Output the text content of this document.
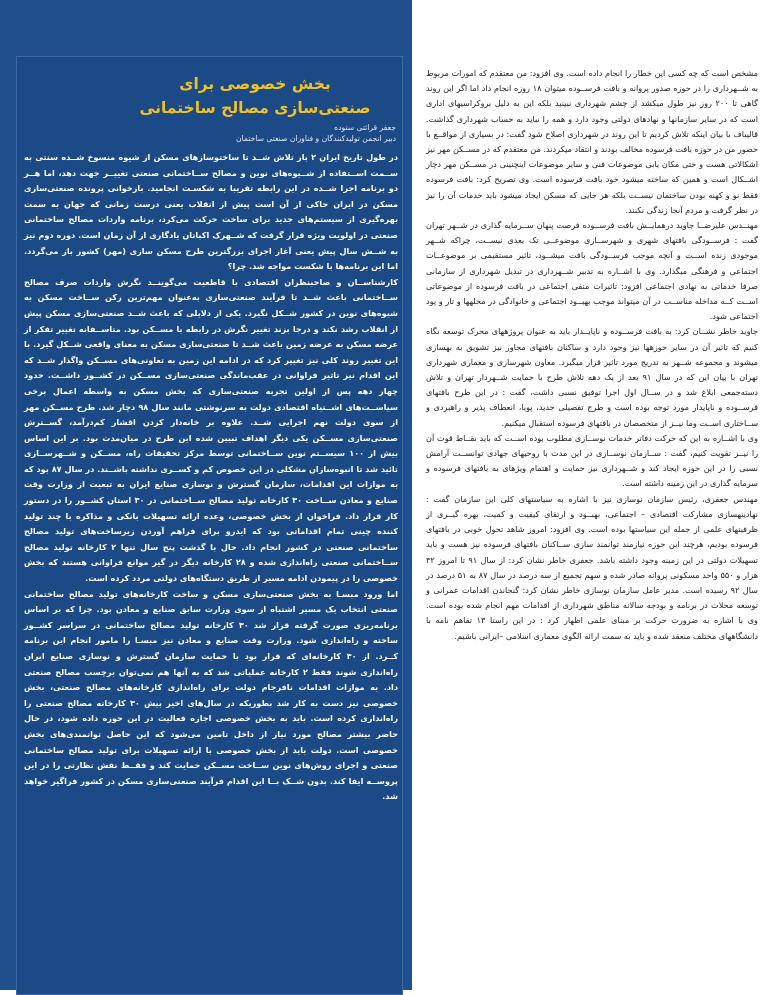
بخش خصوصی برای
صنعتی‌سازی مصالح ساختمانی
جعفر قرائتی ستوده
دبیر انجمن تولیدکنندگان و فناوران صنعتی ساختمان

در طول تاریخ ایران ۲ بار تلاش شــد تا ساختوسازهای مسکن از شیوه منسوخ شــده سنتی به ســمت اســتفاده از شــیوه‌های نوین و مصالح ســاختمانی صنعتی تغییــر جهت دهد، اما هــر دو برنامه اجرا شــده در این رابطه تقریبا به شکسـت انجامید. بازخوانی پرونده صنعتی‌سازی مسکن در ایران حاکی از آن است پیش از انقلاب یعنی درست زمانی که جهان به سمت بهره‌گیری از سیستم‌های جدید برای ساخت حرکت می‌کرد، برنامه واردات مصالح ساختمانی صنعتی در اولویت ویژه قرار گرفت که شــهرک اکباتان یادگاری از آن زمان است. دوره دوم نیز به شــش سال پیش یعنی آغاز اجرای بزرگترین طرح مسکن سازی (مهر) کشور باز می‌گردد. اما این برنامه‌ها با شکست مواجه شد. چرا؟

کارشناســان و صاحبنظران اقتصادی با قاطعیت می‌گوینــد نگرش واردات صرف مصالح ســاختمانی باعث شــد تا فرآیند صنعتی‌سازی به‌عنوان مهم‌ترین رکن ســاخت مسکن به شیوه‌های نوین در کشور شــکل نگیرد. یکی از دلایلی که باعث شــد صنعتی‌سازی مسکن پیش از انقلاب رشد نکند و درجا بزند تغییر نگرش در رابطه با مســکن بود. متاســفانه تغییر تفکر از عرضه مسکن به عرضه زمین باعث شــد تا صنعتی‌سازی مسکن به معنای واقعی شــکل گیرد. با این تغییر روند کلی نیز تغییر کرد که در ادامه این زمین به تعاونی‌های مســکن واگذار شــد که این اقدام نیز تاثیر فراوانی در عقب‌ماندگی صنعتی‌سازی مســکن در کشــور داشــت. حدود چهار دهه پس از اولین تجربه صنعتی‌سازی که بخش مسکن به واسطه اعمال برخی سیاســت‌های اشــتباه اقتصادی دولت به سرنوشتی مانند سال ۹۸ دچار شد. طرح مســکن مهر از سوی دولت نهم اجرایی شــد. علاوه بر خانه‌دار کردن اقشار کم‌درآمد، گســترش صنعتی‌سازی مســکن یکی دیگر اهداف تبیین شده این طرح در میان‌مدت بود. بر این اساس بیش از ۱۰۰ سیســتم نوین ســاختمانی توسط مرکز تحقیقات راه، مســکن و شــهرســازی تائید شد تا انبوه‌سازان مشکلی در این خصوص کم و کســری نداشته باشــند. در سال ۸۷ بود که به موازات این اقدامات، سازمان گسترش و نوسازی صنایع ایران به تبعیت از وزارت وقت صنایع و معادن ســاخت ۳۰ کارخانه تولید مصالح ســاختمانی در ۳۰ استان کشــور را در دستور کار قرار داد. فراخوان از بخش خصوصی، وعده ارائه تسهیلات بانکی و مذاکره با چند تولید کننده چینی تمام اقداماتی بود که ایدرو برای فراهم آوردن زیرساخت‌های تولید مصالح ساختمانی صنعتی در کشور انجام داد. حال با گذشت پنج سال تنها ۲ کارخانه تولید مصالح ســاختمانی صنعتی راه‌اندازی شده و ۲۸ کارخانه دیگر در گیر موانع فراوانی هستند که بخش خصوصی را در پیمودن ادامه مسیر از طریق دستگاه‌های دولتی مردد کرده است.

اما ورود مبسـا به بخش صنعتی‌سازی مسکن و ساخت کارخانه‌های تولید مصالح ساختمانی صنعتی انتخاب یک مسیر اشتباه از سوی وزارت سابق صنایع و معادن بود. چرا که بر اساس برنامه‌ریزی صورت گرفته قرار شد ۳۰ کارخانه تولید مصالح ساختمانی در سراسر کشــور ساخته و راه‌اندازی شود. وزارت وقت صنایع و معادن نیز مبسـا را مامور انجام این برنامه کــرد. از ۳۰ کارخانه‌ای که قرار بود با حمایت سازمان گسترش و نوسازی صنایع ایران راه‌اندازی شوند فقط ۲ کارخانه عملیاتی شد که به آنها هم نمی‌توان برچسب مصالح صنعتی داد. به موازات اقدامات نافرجام دولت برای راه‌اندازی کارخانه‌های مصالح صنعتی، بخش خصوصی نیز دست به کار شد بطوریکه در سال‌های اخیر بیش ۳۰ کارخانه مصالح صنعتی را راه‌اندازی کرده است. باید به بخش خصوصی اجازه فعالیت در این حوزه داده شود، در حال حاضر بیشتر مصالح مورد نیاز از داخل تامین می‌شود که این حاصل توانمندی‌های بخش خصوصی است. دولت باید از بخش خصوصی با ارائه تسهیلات برای تولید مصالح ساختمانی صنعتی و اجرای روش‌های نوین ســاخت مســکن حمایت کند و فقــط نقش نظارتی را در این پروســه ایفا کند. بدون شــک بــا این اقدام فرآیند صنعتی‌سازی مسکن در کشور فراگیر خواهد شد.

مشخص است که چه کسی این خطار را انجام داده است. وی افزود: من معتقدم که امورات مربوط به شــهرداری را در حوزه صدور پروانه و بافت فرســوده میتوان ۱۸ روزه انجام داد اما اگر این روند گاهی تا ۲۰۰ روز نیز طول میکشد از چشم شهرداری نبینید بلکه این به دلیل بروکراسیهای اداری است که در سایر سازمانها و نهادهای دولتی وجود دارد و همه را نباید به حساب شهرداری گذاشت. قالیباف با بیان اینکه تلاش کردیم تا این روند در شهرداری اصلاح شود گفت: در بسیاری از مواقــع با حضور من در حوزه بافت فرسوده مخالف بودند و انتقاد میکردند. من معتقدم که در مســکن مهر نیز اشکالاتی هست و حتی مکان یابی موضوعات فنی و سایر موضوعات اینچنینی در مســکن مهر دچار اشــکال است و همین که ساخته میشود خود بافت فرسوده است. وی تصریح کرد: بافت فرسوده فقط نو و کهنه بودن ساختمان نیســت بلکه هر جایی که مسکن ایجاد میشود باید خدمات آن را نیز در نظر گرفت و مردم آنجا زندگی نکنند.

مهنــدس علیرضــا جاوید درهمایــش بافت فرســوده فرصت پنهان ســرمایه گذاری در شــهر تهران گفت : فرســودگی بافتهای شهری و شهرســازی موضوعــی تک بعدی نیســت، چراکه شــهر موجودی زنده اســت و آنچه موجب فرســودگی بافت میشــود، تاثیر مستقیمی بر موضوعــات اجتماعی و فرهنگی میگذارد. وی با اشــاره به تدبیر شــهرداری در تبدیل شهرداری از سازمانی صرفا خدماتی به نهادی اجتماعی افزود: تاثیرات منفی اجتماعی در بافت فرسوده از موضوعاتی اســت کــه مداخله مناســب در آن میتواند موجب بهبــود اجتماعی و خانوادگی در محلهها و تار و پود اجتماعی شود.

جاوید خاطر نشــان کرد: به بافت فرســوده و ناپایــدار باید به عنوان پروژههای محرک توسعه نگاه کنیم که تاثیر آن در سایر حوزهها نیز وجود دارد و ساکنان بافتهای مجاور نیز تشویق به بهسازی میشوند و مجموعه شــهر به تدریج مورد تاثیر قرار میگیرد. معاون شهرسازی و معماری شهرداری تهران با بیان این که در سال ۹۱ بعد از یک دهه تلاش طرح با حمایت شــهردار تهران و تلاش دسته‌جمعی ابلاغ شد و در ســال اول اجرا توفیق نسبی داشت، گفت : در این طرح بافتهای فرســوده و ناپایدار مورد توجه بوده است و طرح تفصیلی جدید، پویا، انعطاف پذیر و راهبردی و ســاختاری اســت وما نیــز از متخصصان در بافتهای فرسوده استقبال میکنیم.

وی با اشــاره به این که حرکت دفاتر خدمات نوســازی مطلوب بوده اســت که باید نقــاط قوت آن را نیــز تقویت کنیم، گفت : ســازمان نوســازی در این مدت با روحیهای جهادی توانســت آرامش نسبی را در این حوزه ایجاد کند و شــهرداری نیز حمایت و اهتمام ویژهای به بافتهای فرسوده و سرمایه گذاری در این زمینه داشته است.

مهندس جعفری، رئیس سازمان نوسازی نیز با اشاره به سیاستهای کلی این سازمان گفت : نهادینهسازی مشارکت اقتصادی – اجتماعی، بهبــود و ارتقای کیفیت و کمیت، بهره گیــری از ظرفیتهای علمی از جمله این سیاستها بوده است. وی افزود: امروز شاهد تحول خوبی در بافتهای فرسوده بودیم، هرچند این حوزه نیازمند توانمند سازی ســاکنان بافتهای فرسوده نیز هست و باید تسهیلات دولتی در این زمینه وجود داشته باشد. جعفری خاطر نشان کرد: از سال ۹۱ تا امروز ۴۲ هزار و ۵۵۰ واحد مسکونی پروانه صادر شده و سهم تجمیع از سه درصد در سال ۸۷ به ۵۱ درصد در سال ۹۲ رسیده است. مدیر عامل سازمان نوسازی خاطر نشان کرد: گنجاندن اقدامات عمرانی و توسعه محلات در برنامه و بودجه سالانه مناطق شهرداری از اقدامات مهم انجام شده بوده است. وی با اشاره به ضرورت حرکت بر مبنای علمی اظهار کرد : در این راستا ۱۳ تفاهم نامه با دانشگاههای مختلف منعقد شده و باید به سمت ارائه الگوی معماری اسلامی –ایرانی باشیم.
